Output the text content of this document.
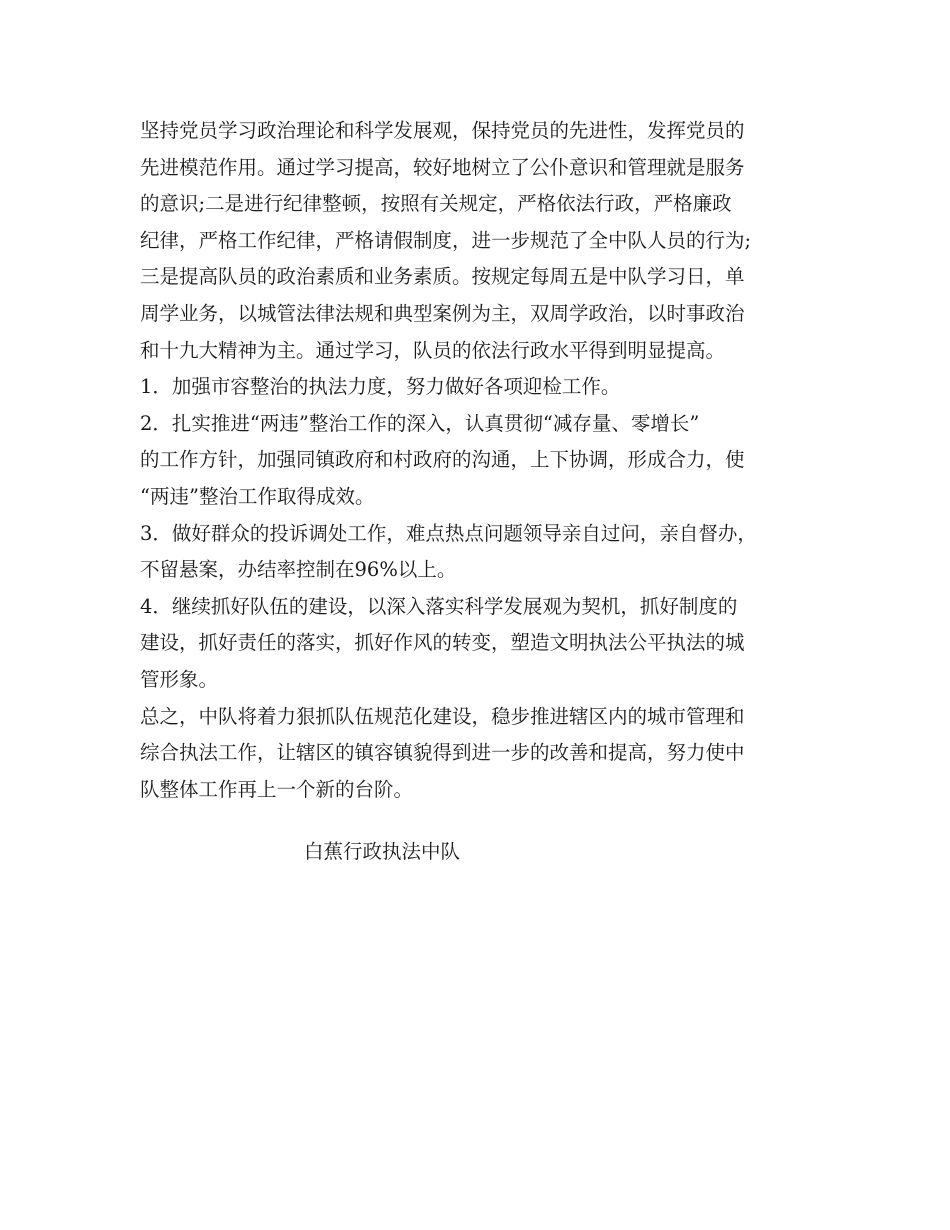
坚持党员学习政治理论和科学发展观，保持党员的先进性，发挥党员的
先进模范作用。通过学习提高，较好地树立了公仆意识和管理就是服务
的意识;二是进行纪律整顿，按照有关规定，严格依法行政，严格廉政
纪律，严格工作纪律，严格请假制度，进一步规范了全中队人员的行为;
三是提高队员的政治素质和业务素质。按规定每周五是中队学习日，单
周学业务，以城管法律法规和典型案例为主，双周学政治，以时事政治
和十九大精神为主。通过学习，队员的依法行政水平得到明显提高。
1．加强市容整治的执法力度，努力做好各项迎检工作。
2．扎实推进“两违”整治工作的深入，认真贯彻“减存量、零增长”
的工作方针，加强同镇政府和村政府的沟通，上下协调，形成合力，使
“两违”整治工作取得成效。
3．做好群众的投诉调处工作，难点热点问题领导亲自过问，亲自督办，
不留悬案，办结率控制在96%以上。
4．继续抓好队伍的建设，以深入落实科学发展观为契机，抓好制度的
建设，抓好责任的落实，抓好作风的转变，塑造文明执法公平执法的城
管形象。
总之，中队将着力狠抓队伍规范化建设，稳步推进辖区内的城市管理和
综合执法工作，让辖区的镇容镇貌得到进一步的改善和提高，努力使中
队整体工作再上一个新的台阶。
白蕉行政执法中队
